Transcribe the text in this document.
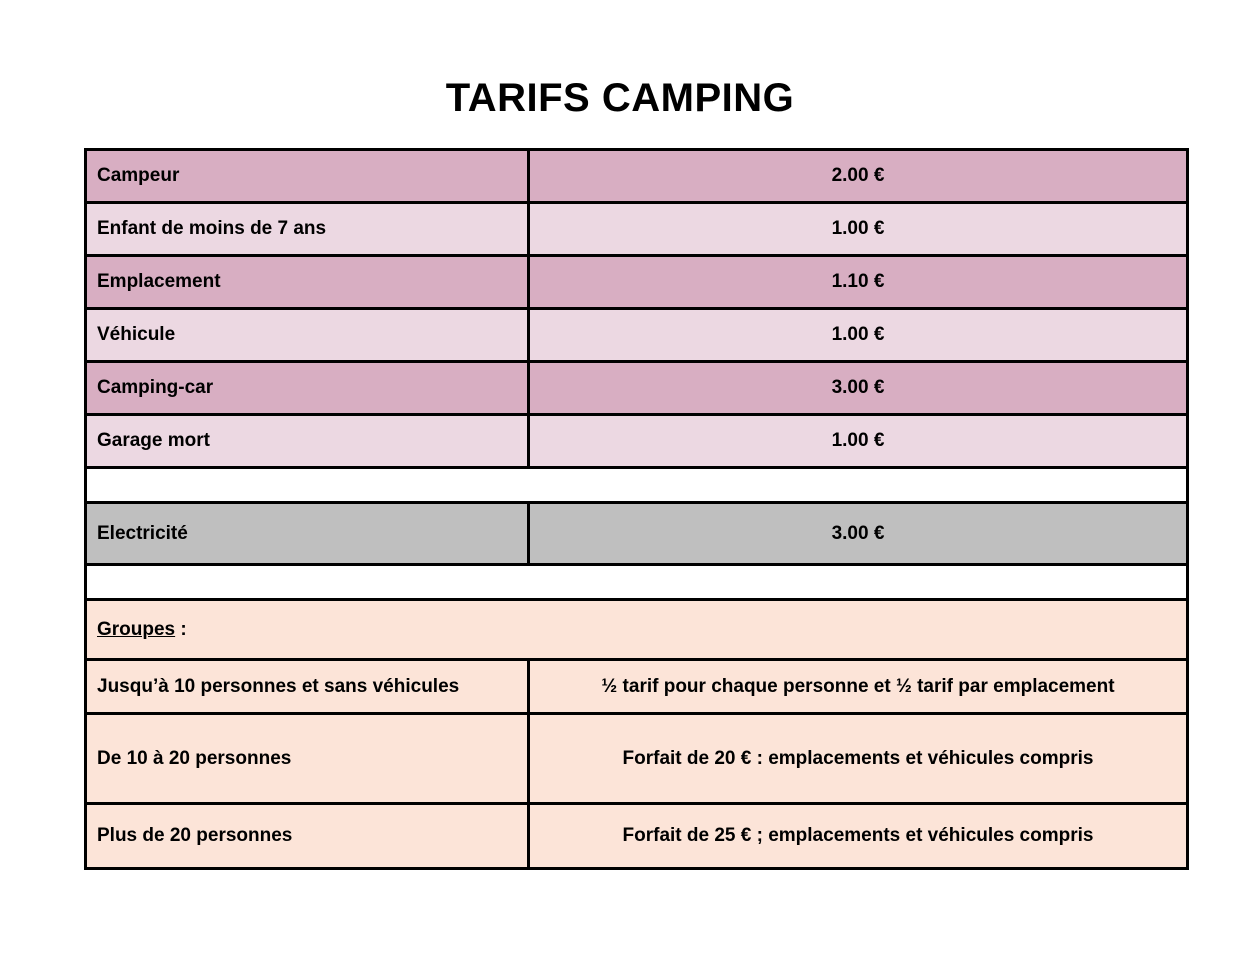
TARIFS CAMPING
Campeur	2.00 €
Enfant de moins de 7 ans	1.00 €
Emplacement	1.10 €
Véhicule	1.00 €
Camping-car	3.00 €
Garage mort	1.00 €

Electricité	3.00 €

Groupes :	
Jusqu’à 10 personnes et sans véhicules	½ tarif pour chaque personne et ½ tarif par emplacement
De 10 à 20 personnes	Forfait de 20 € : emplacements et véhicules compris
Plus de 20 personnes	Forfait de 25 € ; emplacements et véhicules compris
